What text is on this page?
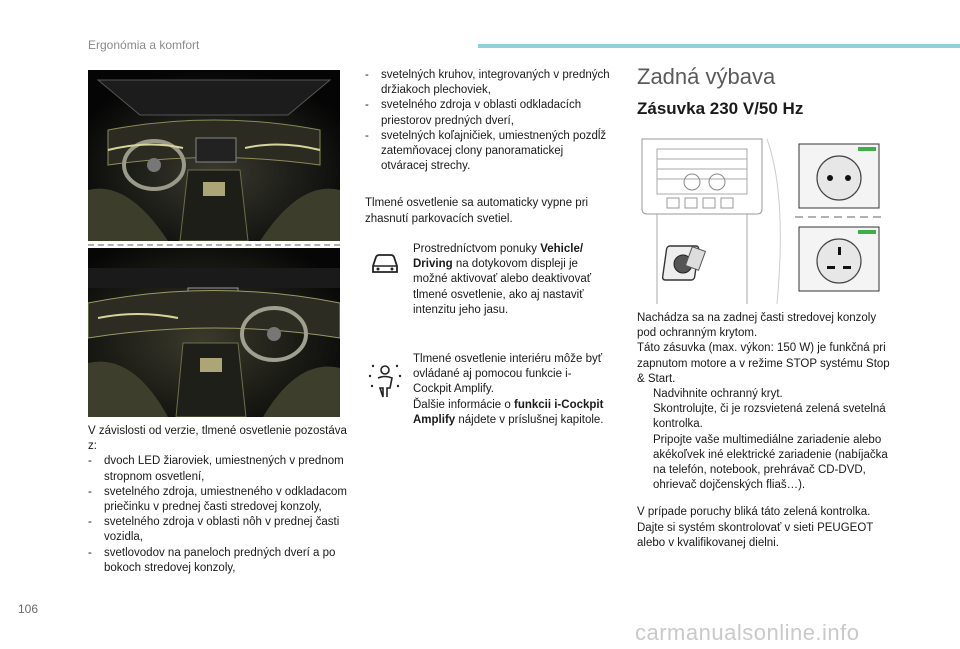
Ergonómia a komfort

V závislosti od verzie, tlmené osvetlenie pozostáva z:

- dvoch LED žiaroviek, umiestnených v prednom stropnom osvetlení,
- svetelného zdroja, umiestneného v odkladacom priečinku v prednej časti stredovej konzoly,
- svetelného zdroja v oblasti nôh v prednej časti vozidla,
- svetlovodov na paneloch predných dverí a po bokoch stredovej konzoly,
- svetelných kruhov, integrovaných v predných držiakoch plechoviek,
- svetelného zdroja v oblasti odkladacích priestorov predných dverí,
- svetelných koľajničiek, umiestnených pozdĺž zatemňovacej clony panoramatickej otváracej strechy.

Tlmené osvetlenie sa automaticky vypne pri zhasnutí parkovacích svetiel.

Prostredníctvom ponuky Vehicle/ Driving na dotykovom displeji je možné aktivovať alebo deaktivovať tlmené osvetlenie, ako aj nastaviť intenzitu jeho jasu.

Tlmené osvetlenie interiéru môže byť ovládané aj pomocou funkcie i-Cockpit Amplify.

Ďalšie informácie o funkcii i-Cockpit Amplify nájdete v príslušnej kapitole.

Zadná výbava
Zásuvka 230 V/50 Hz

Nachádza sa na zadnej časti stredovej konzoly pod ochranným krytom.

Táto zásuvka (max. výkon: 150 W) je funkčná pri zapnutom motore a v režime STOP systému Stop & Start.

Nadvihnite ochranný kryt.
Skontrolujte, či je rozsvietená zelená svetelná kontrolka.
Pripojte vaše multimediálne zariadenie alebo akékoľvek iné elektrické zariadenie (nabíjačka na telefón, notebook, prehrávač CD-DVD, ohrievač dojčenských fliaš…).

V prípade poruchy bliká táto zelená kontrolka. Dajte si systém skontrolovať v sieti PEUGEOT alebo v kvalifikovanej dielni.

106
carmanualsonline.info
